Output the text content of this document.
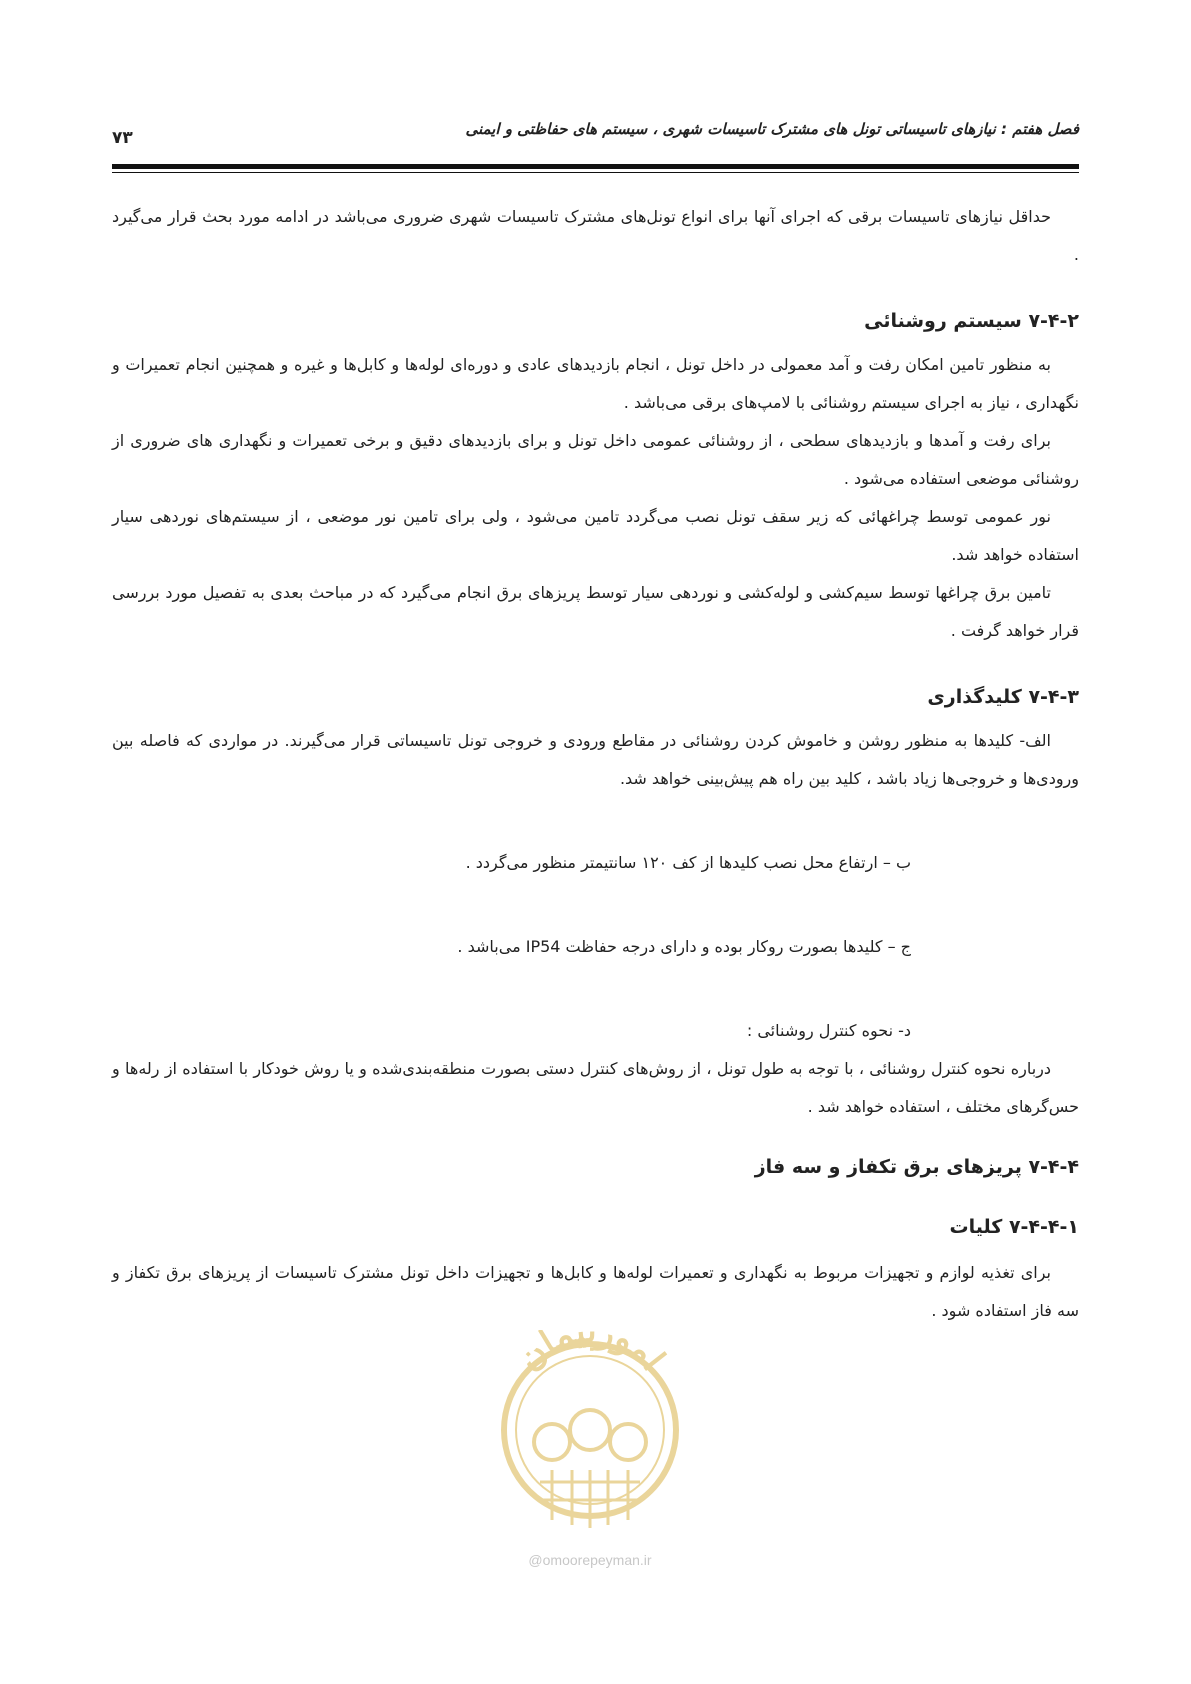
فصل هفتم : نیازهای تاسیساتی تونل های مشترک تاسیسات شهری ، سیستم های حفاظتی و ایمنی
۷۳

حداقل نیازهای تاسیسات برقی که اجرای آنها برای انواع تونل‌های مشترک تاسیسات شهری ضروری می‌باشد در ادامه مورد بحث قرار می‌گیرد .

۷-۴-۲ سیستم روشنائی

به منظور تامین امکان رفت و آمد معمولی در داخل تونل ، انجام بازدیدهای عادی و دوره‌ای لوله‌ها و کابل‌ها و غیره و همچنین انجام تعمیرات و نگهداری ، نیاز به اجرای سیستم روشنائی با لامپ‌های برقی می‌باشد .

برای رفت و آمدها و بازدیدهای سطحی ، از روشنائی عمومی داخل تونل و برای بازدیدهای دقیق و برخی تعمیرات و نگهداری های ضروری از روشنائی موضعی استفاده می‌شود .

نور عمومی توسط چراغهائی که زیر سقف تونل نصب می‌گردد تامین می‌شود ، ولی برای تامین نور موضعی ، از سیستم‌های نوردهی سیار استفاده خواهد شد.

تامین برق چراغها توسط سیم‌کشی و لوله‌کشی و نوردهی سیار توسط پریزهای برق انجام می‌گیرد که در مباحث بعدی به تفصیل مورد بررسی قرار خواهد گرفت .

۷-۴-۳ کلیدگذاری

الف- کلیدها به منظور روشن و خاموش کردن روشنائی در مقاطع ورودی و خروجی تونل تاسیساتی قرار می‌گیرند. در مواردی که فاصله بین ورودی‌ها و خروجی‌ها زیاد باشد ، کلید بین راه هم پیش‌بینی خواهد شد.

ب – ارتفاع محل نصب کلیدها از کف ۱۲۰ سانتیمتر منظور می‌گردد .

ج – کلیدها بصورت روکار بوده و دارای درجه حفاظت IP54 می‌باشد .

د- نحوه کنترل روشنائی :

درباره نحوه کنترل روشنائی ، با توجه به طول تونل ، از روش‌های کنترل دستی بصورت منطقه‌بندی‌شده و یا روش خودکار با استفاده از رله‌ها و حس‌گرهای مختلف ، استفاده خواهد شد .

۷-۴-۴ پریزهای برق تکفاز و سه فاز
۷-۴-۴-۱ کلیات

برای تغذیه لوازم و تجهیزات مربوط به نگهداری و تعمیرات لوله‌ها و کابل‌ها و تجهیزات داخل تونل مشترک تاسیسات از پریزهای برق تکفاز و سه فاز استفاده شود .

امورپیمان
@omoorepeyman.ir
